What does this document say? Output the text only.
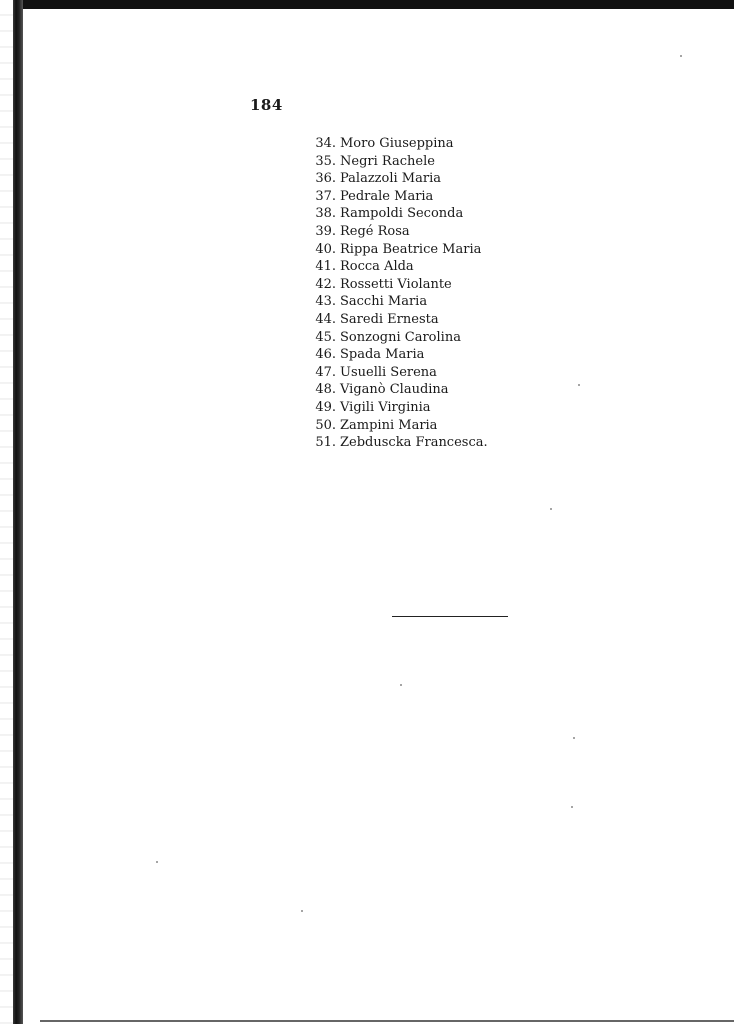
184
34. Moro Giuseppina
35. Negri Rachele
36. Palazzoli Maria
37. Pedrale Maria
38. Rampoldi Seconda
39. Regé Rosa
40. Rippa Beatrice Maria
41. Rocca Alda
42. Rossetti Violante
43. Sacchi Maria
44. Saredi Ernesta
45. Sonzogni Carolina
46. Spada Maria
47. Usuelli Serena
48. Viganò Claudina
49. Vigili Virginia
50. Zampini Maria
51. Zebduscka Francesca.
